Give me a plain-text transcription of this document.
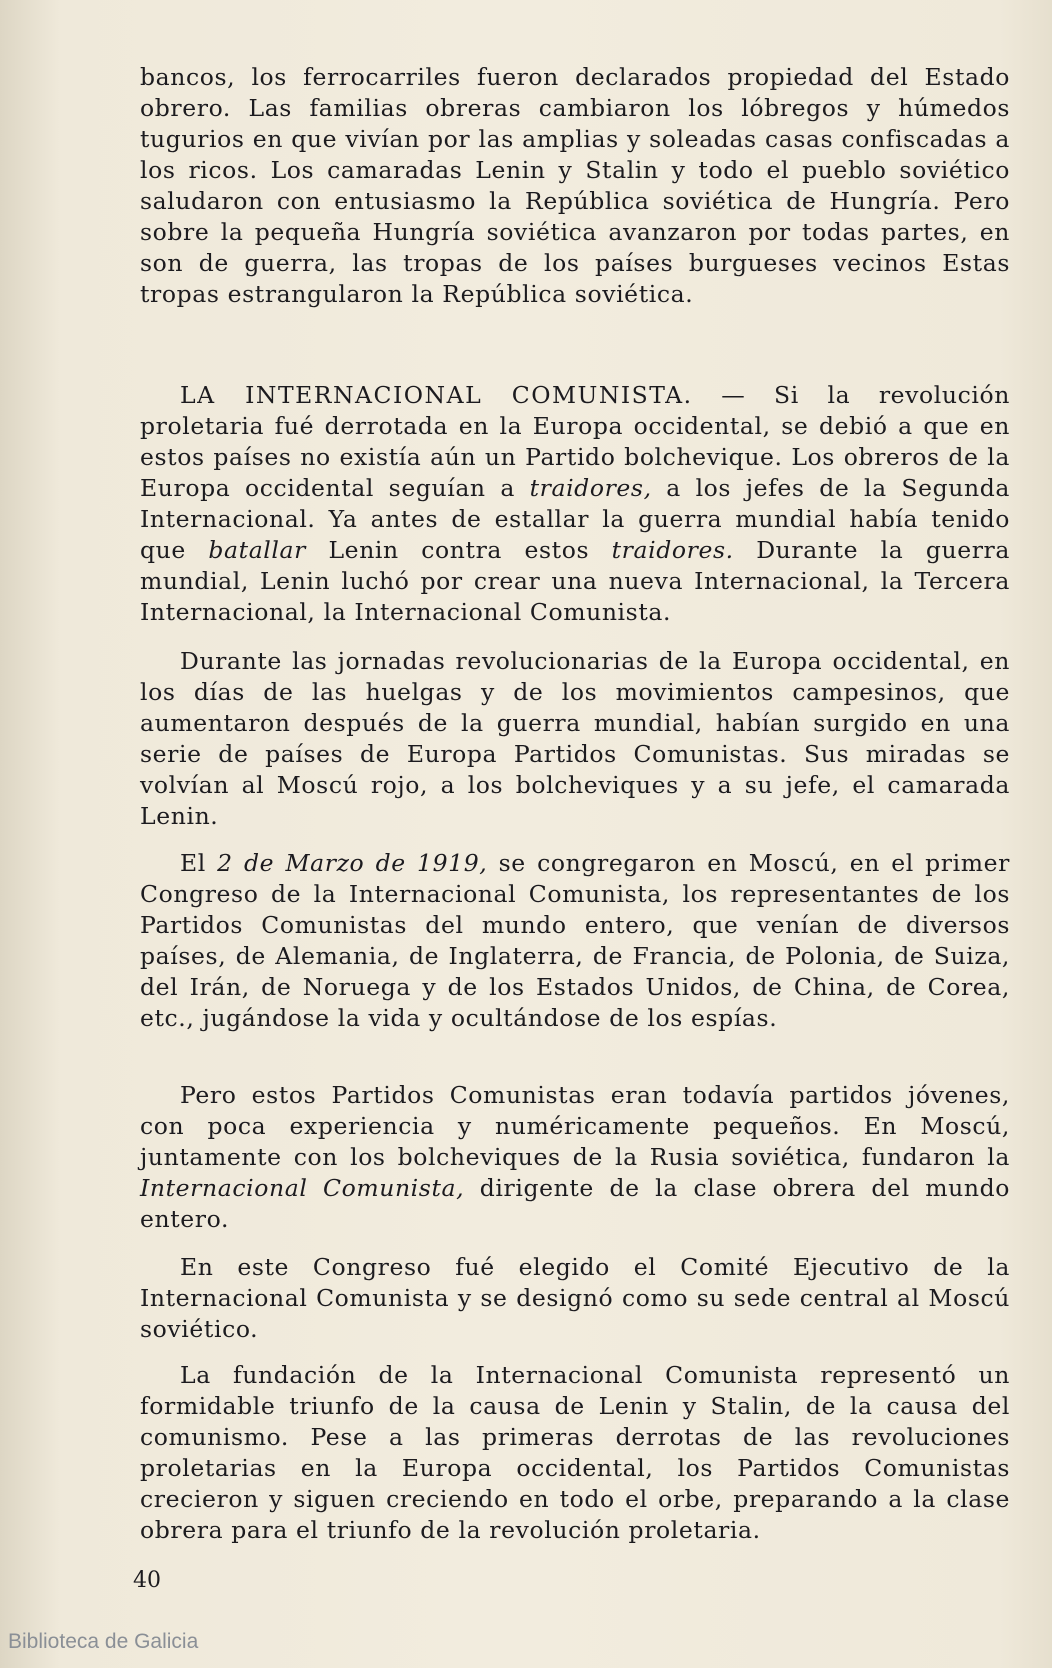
bancos, los ferrocarriles fueron declarados propiedad del Estado obrero. Las familias obreras cambiaron los lóbregos y húmedos tugurios en que vivían por las amplias y soleadas casas confiscadas a los ricos. Los camaradas Lenin y Stalin y todo el pueblo soviético saludaron con entusiasmo la República soviética de Hungría. Pero sobre la pequeña Hungría soviética avanzaron por todas partes, en son de guerra, las tropas de los países burgueses vecinos Estas tropas estrangularon la República soviética.

LA INTERNACIONAL COMUNISTA. — Si la revolución proletaria fué derrotada en la Europa occidental, se debió a que en estos países no existía aún un Partido bolchevique. Los obreros de la Europa occidental seguían a traidores, a los jefes de la Segunda Internacional. Ya antes de estallar la guerra mundial había tenido que batallar Lenin contra estos traidores. Durante la guerra mundial, Lenin luchó por crear una nueva Internacional, la Tercera Internacional, la Internacional Comunista.

Durante las jornadas revolucionarias de la Europa occidental, en los días de las huelgas y de los movimientos campesinos, que aumentaron después de la guerra mundial, habían surgido en una serie de países de Europa Partidos Comunistas. Sus miradas se volvían al Moscú rojo, a los bolcheviques y a su jefe, el camarada Lenin.

El 2 de Marzo de 1919, se congregaron en Moscú, en el primer Congreso de la Internacional Comunista, los representantes de los Partidos Comunistas del mundo entero, que venían de diversos países, de Alemania, de Inglaterra, de Francia, de Polonia, de Suiza, del Irán, de Noruega y de los Estados Unidos, de China, de Corea, etc., jugándose la vida y ocultándose de los espías.

Pero estos Partidos Comunistas eran todavía partidos jóvenes, con poca experiencia y numéricamente pequeños. En Moscú, juntamente con los bolcheviques de la Rusia soviética, fundaron la Internacional Comunista, dirigente de la clase obrera del mundo entero.

En este Congreso fué elegido el Comité Ejecutivo de la Internacional Comunista y se designó como su sede central al Moscú soviético.

La fundación de la Internacional Comunista representó un formidable triunfo de la causa de Lenin y Stalin, de la causa del comunismo. Pese a las primeras derrotas de las revoluciones proletarias en la Europa occidental, los Partidos Comunistas crecieron y siguen creciendo en todo el orbe, preparando a la clase obrera para el triunfo de la revolución proletaria.

40
Biblioteca de Galicia
